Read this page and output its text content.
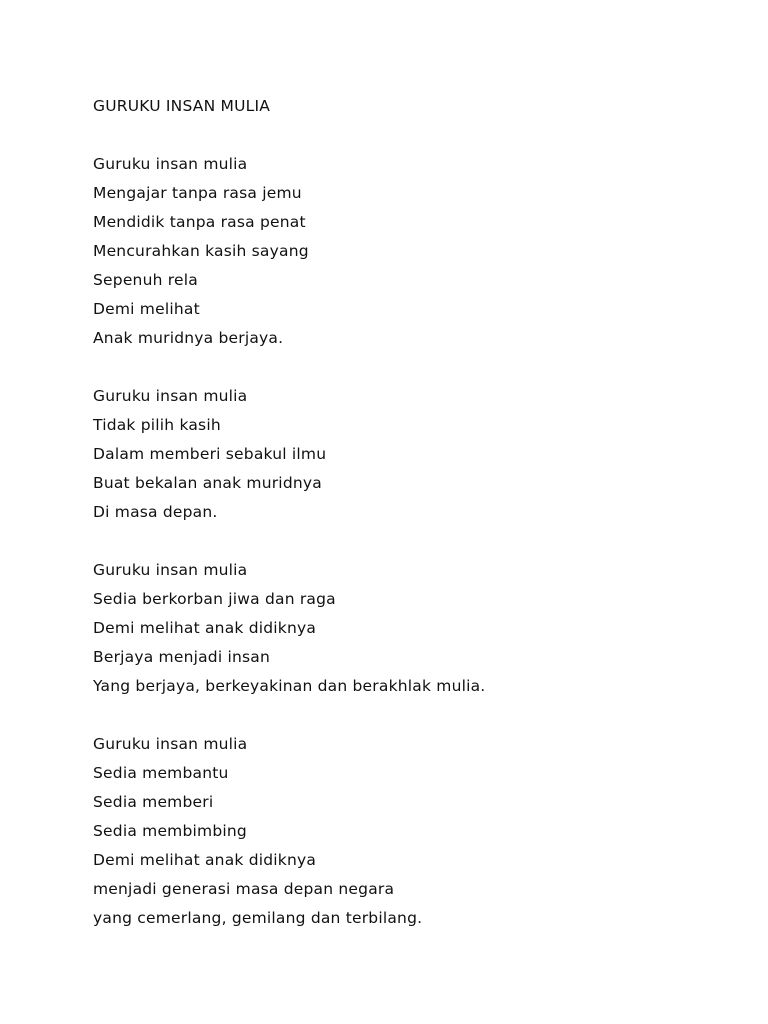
GURUKU INSAN MULIA
Guruku insan mulia
Mengajar tanpa rasa jemu
Mendidik tanpa rasa penat
Mencurahkan kasih sayang
Sepenuh rela
Demi melihat
Anak muridnya berjaya.
Guruku insan mulia
Tidak pilih kasih
Dalam memberi sebakul ilmu
Buat bekalan anak muridnya
Di masa depan.
Guruku insan mulia
Sedia berkorban jiwa dan raga
Demi melihat anak didiknya
Berjaya menjadi insan
Yang berjaya, berkeyakinan dan berakhlak mulia.
Guruku insan mulia
Sedia membantu
Sedia memberi
Sedia membimbing
Demi melihat anak didiknya
menjadi generasi masa depan negara
yang cemerlang, gemilang dan terbilang.
